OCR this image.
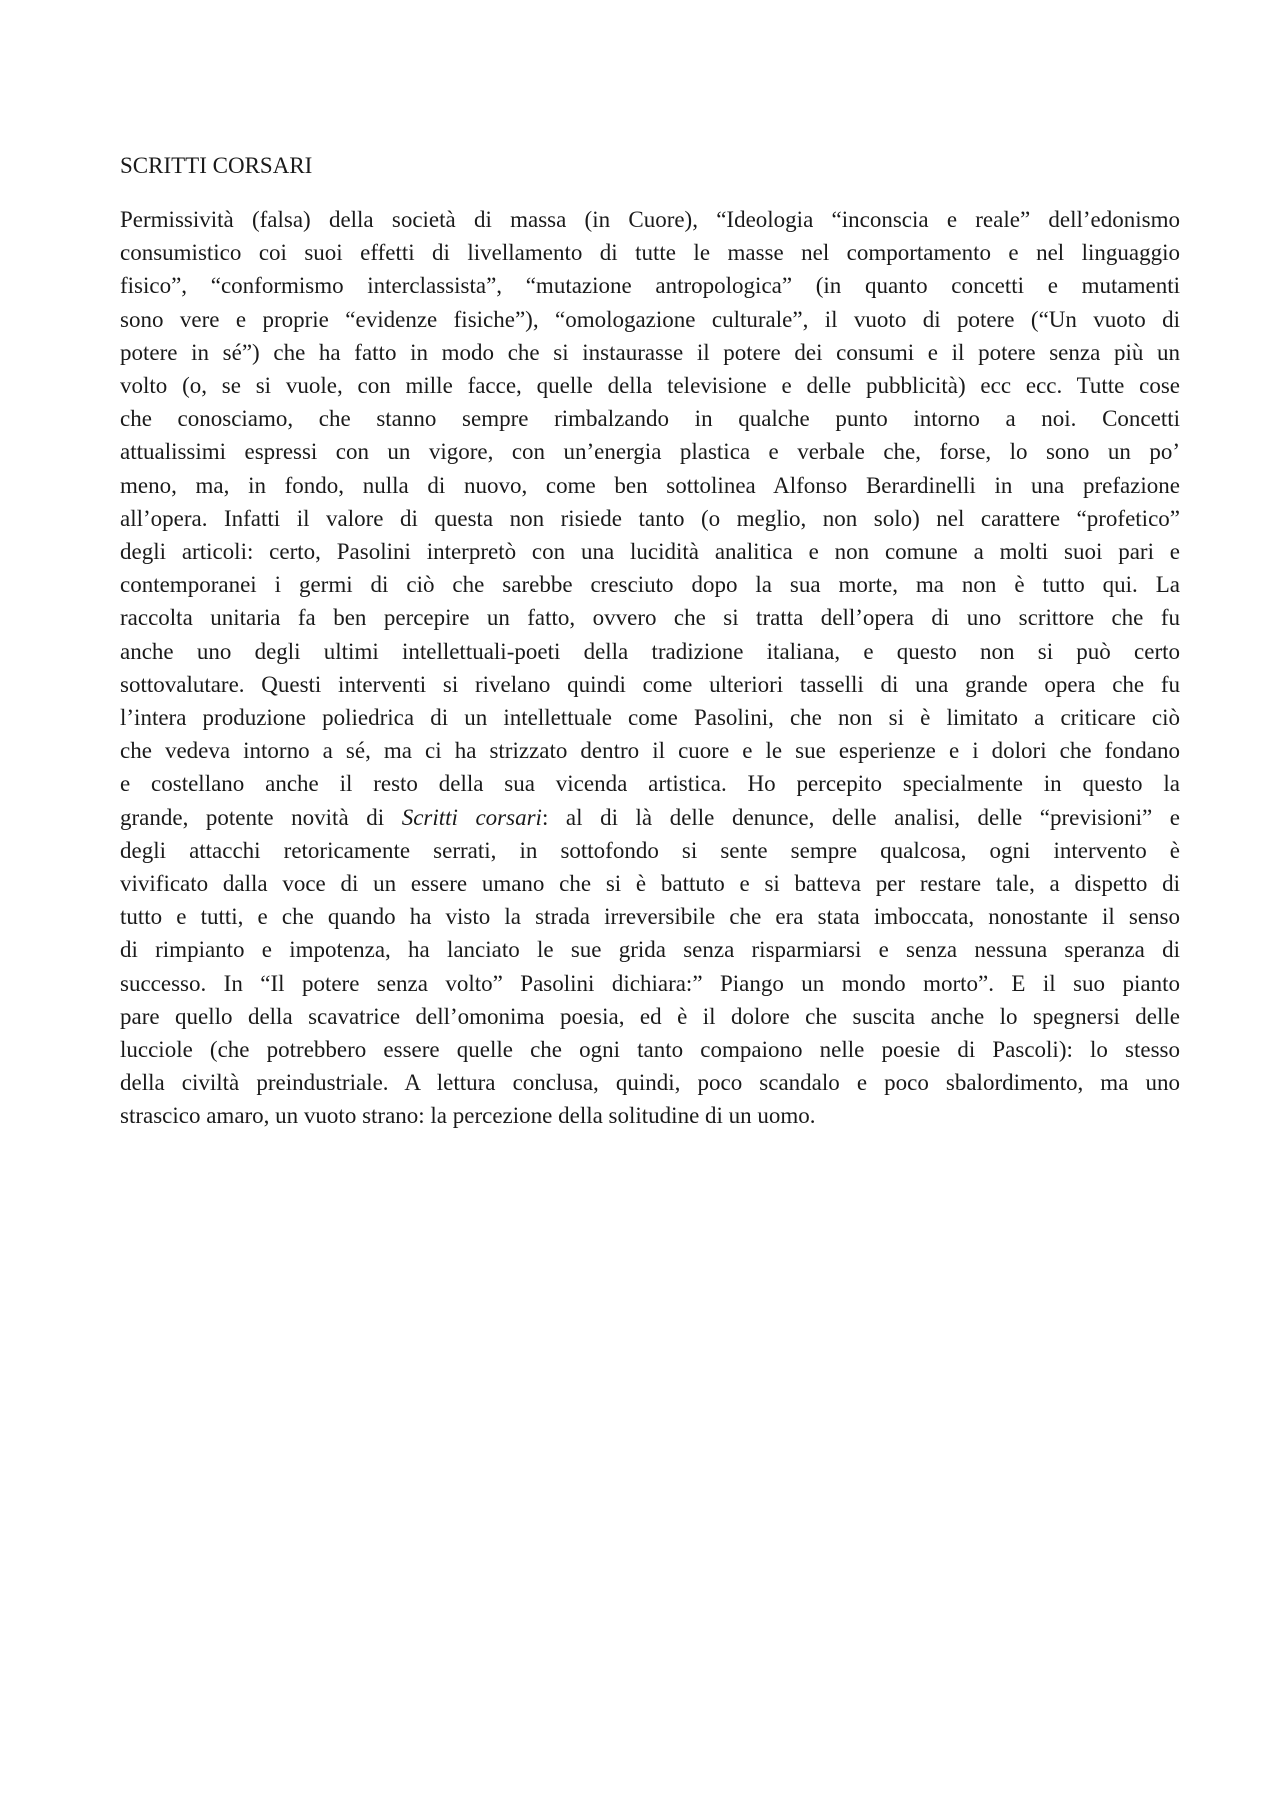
SCRITTI CORSARI
Permissività (falsa) della società di massa (in Cuore), “Ideologia “inconscia e reale” dell’edonismo
consumistico coi suoi effetti di livellamento di tutte le masse nel comportamento e nel linguaggio
fisico”, “conformismo interclassista”, “mutazione antropologica” (in quanto concetti e mutamenti
sono vere e proprie “evidenze fisiche”), “omologazione culturale”, il vuoto di potere (“Un vuoto di
potere in sé”) che ha fatto in modo che si instaurasse il potere dei consumi e il potere senza più un
volto (o, se si vuole, con mille facce, quelle della televisione e delle pubblicità) ecc ecc. Tutte cose
che conosciamo, che stanno sempre rimbalzando in qualche punto intorno a noi. Concetti
attualissimi espressi con un vigore, con un’energia plastica e verbale che, forse, lo sono un po’
meno, ma, in fondo, nulla di nuovo, come ben sottolinea Alfonso Berardinelli in una prefazione
all’opera. Infatti il valore di questa non risiede tanto (o meglio, non solo) nel carattere “profetico”
degli articoli: certo, Pasolini interpretò con una lucidità analitica e non comune a molti suoi pari e
contemporanei i germi di ciò che sarebbe cresciuto dopo la sua morte, ma non è tutto qui. La
raccolta unitaria fa ben percepire un fatto, ovvero che si tratta dell’opera di uno scrittore che fu
anche uno degli ultimi intellettuali-poeti della tradizione italiana, e questo non si può certo
sottovalutare. Questi interventi si rivelano quindi come ulteriori tasselli di una grande opera che fu
l’intera produzione poliedrica di un intellettuale come Pasolini, che non si è limitato a criticare ciò
che vedeva intorno a sé, ma ci ha strizzato dentro il cuore e le sue esperienze e i dolori che fondano
e costellano anche il resto della sua vicenda artistica. Ho percepito specialmente in questo la
grande, potente novità di Scritti corsari: al di là delle denunce, delle analisi, delle “previsioni” e
degli attacchi retoricamente serrati, in sottofondo si sente sempre qualcosa, ogni intervento è
vivificato dalla voce di un essere umano che si è battuto e si batteva per restare tale, a dispetto di
tutto e tutti, e che quando ha visto la strada irreversibile che era stata imboccata, nonostante il senso
di rimpianto e impotenza, ha lanciato le sue grida senza risparmiarsi e senza nessuna speranza di
successo. In “Il potere senza volto” Pasolini dichiara:” Piango un mondo morto”. E il suo pianto
pare quello della scavatrice dell’omonima poesia, ed è il dolore che suscita anche lo spegnersi delle
lucciole (che potrebbero essere quelle che ogni tanto compaiono nelle poesie di Pascoli): lo stesso
della civiltà preindustriale. A lettura conclusa, quindi, poco scandalo e poco sbalordimento, ma uno
strascico amaro, un vuoto strano: la percezione della solitudine di un uomo.
